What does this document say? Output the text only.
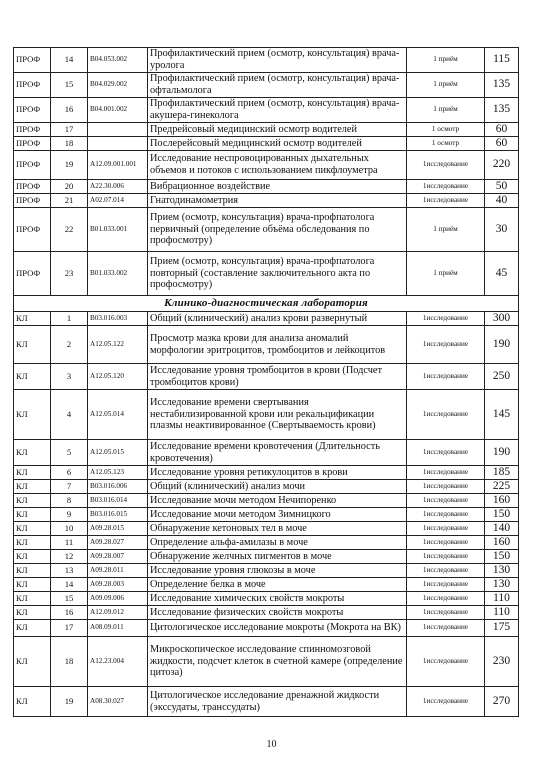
ПРОФ	14	B04.053.002	Профилактический прием (осмотр, консультация) врача-уролога	1 приём	115
ПРОФ	15	B04.029.002	Профилактический прием (осмотр, консультация) врача-офтальмолога	1 приём	135
ПРОФ	16	B04.001.002	Профилактический прием (осмотр, консультация) врача-акушера-гинеколога	1 приём	135
ПРОФ	17		Предрейсовый медицинский осмотр водителей	1 осмотр	60
ПРОФ	18		Послерейсовый медицинский осмотр водителей	1 осмотр	60
ПРОФ	19	A12.09.001.001	Исследование неспровоцированных дыхательных объемов и потоков с использованием пикфлоуметра	1исследование	220
ПРОФ	20	A22.30.006	Вибрационное воздействие	1исследование	50
ПРОФ	21	A02.07.014	Гнатодинамометрия	1исследование	40
ПРОФ	22	B01.033.001	Прием (осмотр, консультация) врача-профпатолога первичный (определение объёма обследования по профосмотру)	1 приём	30
ПРОФ	23	B01.033.002	Прием (осмотр, консультация) врача-профпатолога повторный (составление заключительного акта по профосмотру)	1 приём	45
Клинико-диагностическая лаборатория					
КЛ	1	B03.016.003	Общий (клинический) анализ крови развернутый	1исследование	300
КЛ	2	A12.05.122	Просмотр мазка крови для анализа аномалий морфологии эритроцитов, тромбоцитов и лейкоцитов	1исследование	190
КЛ	3	A12.05.120	Исследование уровня тромбоцитов в крови (Подсчет тромбоцитов крови)	1исследование	250
КЛ	4	A12.05.014	Исследование времени свертывания нестабилизированной крови или рекальцификации плазмы неактивированное (Свертываемость крови)	1исследование	145
КЛ	5	A12.05.015	Исследование времени кровотечения (Длительность кровотечения)	1исследование	190
КЛ	6	A12.05.123	Исследование уровня ретикулоцитов в крови	1исследование	185
КЛ	7	B03.016.006	Общий (клинический) анализ мочи	1исследование	225
КЛ	8	B03.016.014	Исследование мочи методом Нечипоренко	1исследование	160
КЛ	9	B03.016.015	Исследование мочи методом Зимницкого	1исследование	150
КЛ	10	A09.28.015	Обнаружение кетоновых тел в моче	1исследование	140
КЛ	11	A09.28.027	Определение альфа-амилазы в моче	1исследование	160
КЛ	12	A09.28.007	Обнаружение желчных пигментов в моче	1исследование	150
КЛ	13	A09.28.011	Исследование уровня глюкозы в моче	1исследование	130
КЛ	14	A09.28.003	Определение белка в моче	1исследование	130
КЛ	15	A09.09.006	Исследование химических свойств мокроты	1исследование	110
КЛ	16	A12.09.012	Исследование физических свойств мокроты	1исследование	110
КЛ	17	A08.09.011	Цитологическое исследование мокроты (Мокрота на ВК)	1исследование	175
КЛ	18	A12.23.004	Микроскопическое исследование спинномозговой жидкости, подсчет клеток в счетной камере (определение цитоза)	1исследование	230
КЛ	19	A08.30.027	Цитологическое исследование дренажной жидкости (экссудаты, транссудаты)	1исследование	270
10
